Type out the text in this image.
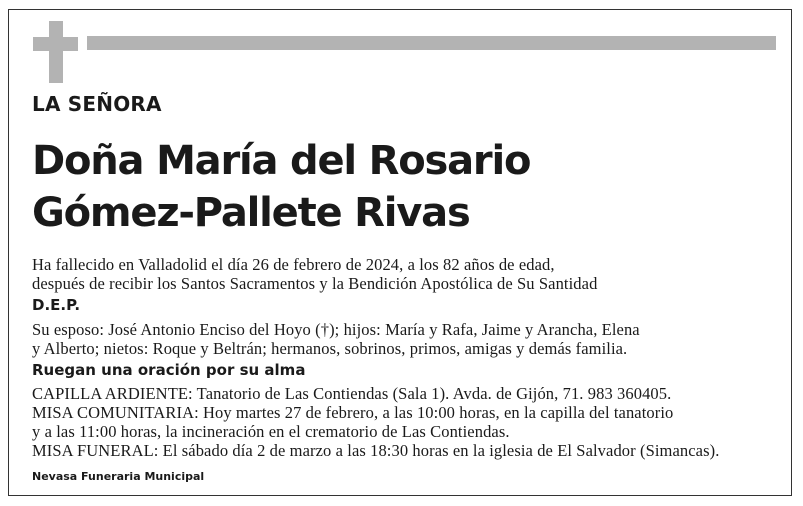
LA SEÑORA
Doña María del Rosario
Gómez-Pallete Rivas
Ha fallecido en Valladolid el día 26 de febrero de 2024, a los 82 años de edad,
después de recibir los Santos Sacramentos y la Bendición Apostólica de Su Santidad
D.E.P.
Su esposo: José Antonio Enciso del Hoyo (†); hijos: María y Rafa, Jaime y Arancha, Elena
y Alberto; nietos: Roque y Beltrán; hermanos, sobrinos, primos, amigas y demás familia.
Ruegan una oración por su alma
CAPILLA ARDIENTE: Tanatorio de Las Contiendas (Sala 1). Avda. de Gijón, 71. 983 360405.
MISA COMUNITARIA: Hoy martes 27 de febrero, a las 10:00 horas, en la capilla del tanatorio
y a las 11:00 horas, la incineración en el crematorio de Las Contiendas.
MISA FUNERAL: El sábado día 2 de marzo a las 18:30 horas en la iglesia de El Salvador (Simancas).
Nevasa Funeraria Municipal
